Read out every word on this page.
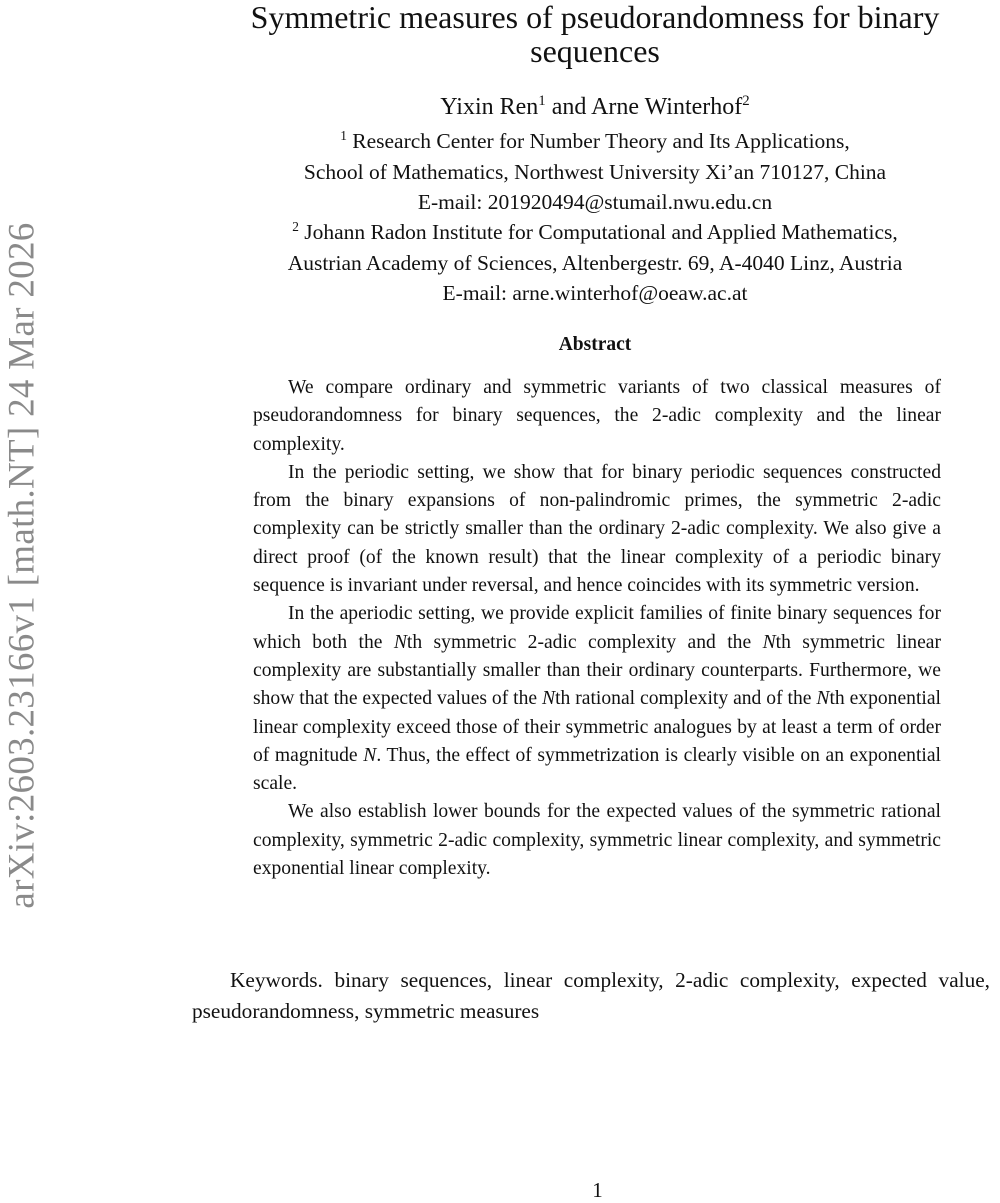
arXiv:2603.23166v1 [math.NT] 24 Mar 2026
Symmetric measures of pseudorandomness for binary sequences
Yixin Ren$^1$ and Arne Winterhof$^2$
$^1$ Research Center for Number Theory and Its Applications,
School of Mathematics, Northwest University Xi’an 710127, China
E-mail: 201920494@stumail.nwu.edu.cn
$^2$ Johann Radon Institute for Computational and Applied Mathematics,
Austrian Academy of Sciences, Altenbergestr. 69, A-4040 Linz, Austria
E-mail: arne.winterhof@oeaw.ac.at
Abstract

We compare ordinary and symmetric variants of two classical measures of pseudorandomness for binary sequences, the 2-adic complexity and the linear complexity.

In the periodic setting, we show that for binary periodic sequences constructed from the binary expansions of non-palindromic primes, the symmetric 2-adic complexity can be strictly smaller than the ordinary 2-adic complexity. We also give a direct proof (of the known result) that the linear complexity of a periodic binary sequence is invariant under reversal, and hence coincides with its symmetric version.

In the aperiodic setting, we provide explicit families of finite binary sequences for which both the Nth symmetric 2-adic complexity and the Nth symmetric linear complexity are substantially smaller than their ordinary counterparts. Furthermore, we show that the expected values of the Nth rational complexity and of the Nth exponential linear complexity exceed those of their symmetric analogues by at least a term of order of magnitude N. Thus, the effect of symmetrization is clearly visible on an exponential scale.

We also establish lower bounds for the expected values of the symmetric rational complexity, symmetric 2-adic complexity, symmetric linear complexity, and symmetric exponential linear complexity.

Keywords. binary sequences, linear complexity, 2-adic complexity, expected value, pseudorandomness, symmetric measures
1
